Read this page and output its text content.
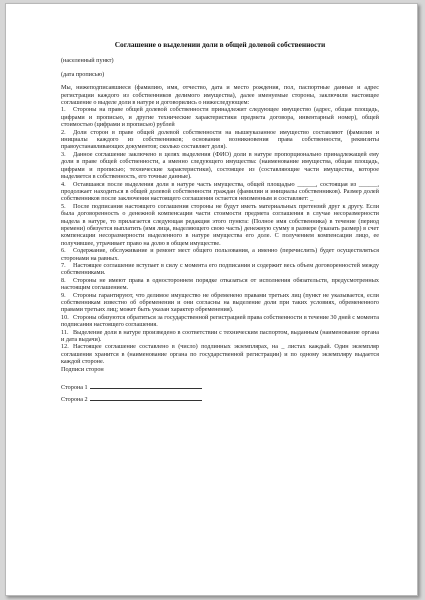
Соглашение о выделении доли в общей долевой собственности

(населенный пункт)

(дата прописью)

Мы, нижеподписавшиеся (фамилию, имя, отчество, дата и место рождения, пол, паспортные данные и адрес регистрации каждого из собственников делимого имущества), далее именуемые стороны, заключили настоящее соглашение о выделе доли в натуре и договорились о нижеследующем:

1. Стороны на праве общей долевой собственности принадлежит следующее имущество (адрес, общая площадь, цифрами и прописью, и другие технические характеристики предмета договора, инвентарный номер), общей стоимостью (цифрами и прописью) рублей

2. Доли сторон в праве общей долевой собственности на вышеуказанное имущество составляют (фамилия и инициалы каждого из собственников; основания возникновения права собственности, реквизиты правоустанавливающих документов; сколько составляет доля).

3. Данное соглашение заключено в целях выделения (ФИО) доли в натуре пропорционально принадлежащей ему доли в праве общей собственности, а именно следующего имущества: (наименование имущества, общая площадь, цифрами и прописью; технические характеристики), состоящее из (составляющие части имущества, которое выделяется в собственность, его точные данные).

4. Оставшаяся после выделения доли в натуре часть имущества, общей площадью ______, состоящая из ______, продолжает находиться в общей долевой собственности граждан (фамилии и инициалы собственников). Размер долей собственников после заключения настоящего соглашения остается неизменным и составляет: _

5. После подписания настоящего соглашения стороны не будут иметь материальных претензий друг к другу. Если была договоренность о денежной компенсации части стоимости предмета соглашения в случае несоразмерности выдела в натуре, то прилагается следующая редакция этого пункта: (Полное имя собственника) в течение (период времени) обязуется выплатить (имя лица, выделяющего свою часть) денежную сумму в размере (указать размер) в счет компенсации несоразмерности выделенного в натуре имущества его доле. С получением компенсации лицо, ее получившее, утрачивает право на долю в общем имуществе.

6. Содержание, обслуживание и ремонт мест общего пользования, а именно (перечислить) будет осуществляться сторонами на равных.

7. Настоящее соглашение вступает в силу с момента его подписания и содержит весь объем договоренностей между собственниками.

8. Стороны не имеют права в одностороннем порядке отказаться от исполнения обязательств, предусмотренных настоящим соглашением.

9. Стороны гарантируют, что делимое имущество не обременено правами третьих лиц (пункт не указывается, если собственникам известно об обременении и они согласны на выделение доли при таких условиях, обремененного правами третьих лиц; может быть указан характер обременения).

10. Стороны обязуются обратиться за государственной регистрацией права собственности в течение 30 дней с момента подписания настоящего соглашения.

11. Выделение доли в натуре произведено в соответствии с техническим паспортом, выданным (наименование органа и дата выдачи).

12. Настоящее соглашение составлено в (число) подлинных экземплярах, на _ листах каждый. Один экземпляр соглашения хранится в (наименование органа по государственной регистрации) и по одному экземпляру выдается каждой стороне.

Подписи сторон

Сторона 1

Сторона 2
